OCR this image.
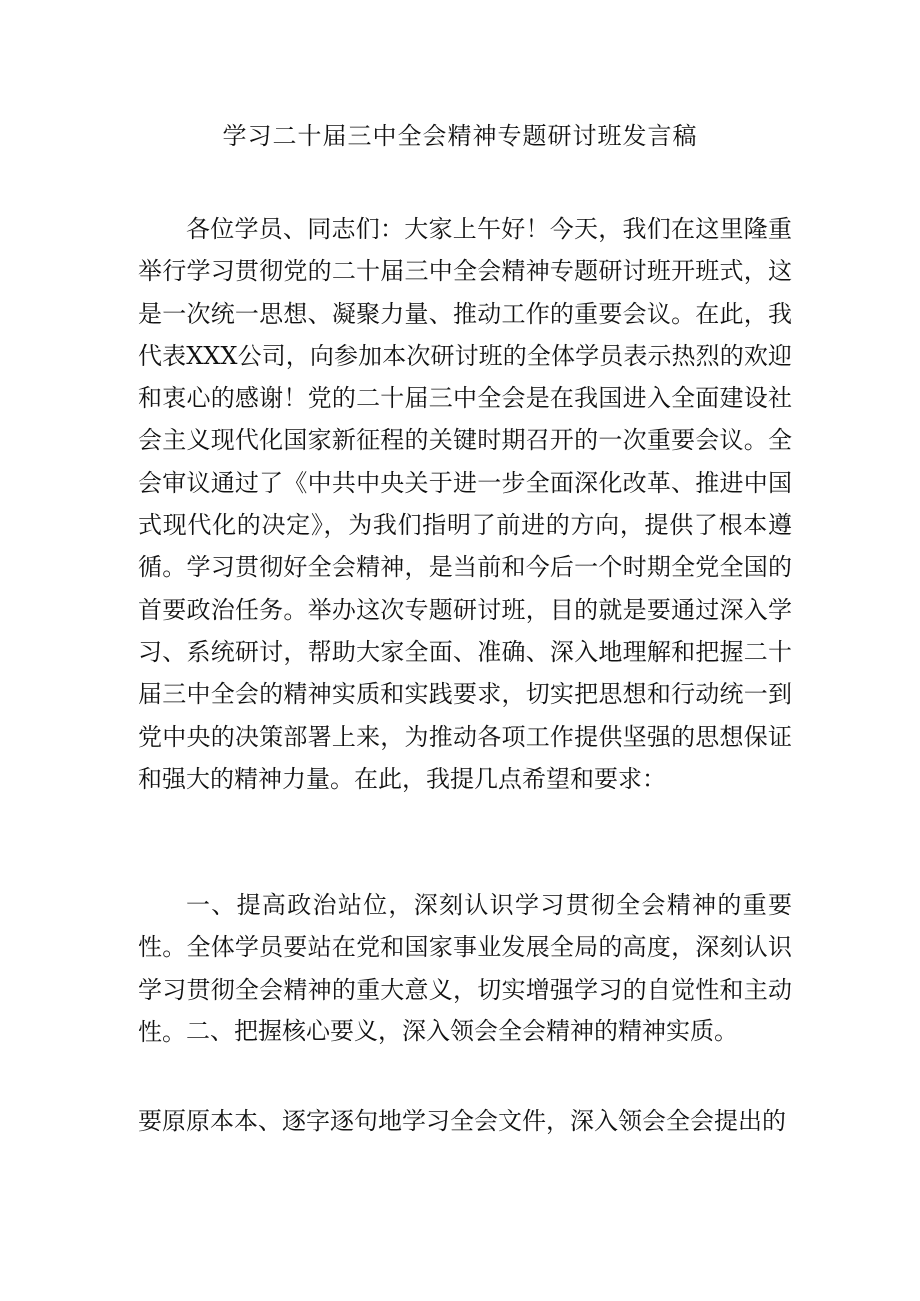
学习二十届三中全会精神专题研讨班发言稿

各位学员、同志们：大家上午好！今天，我们在这里隆重举行学习贯彻党的二十届三中全会精神专题研讨班开班式，这是一次统一思想、凝聚力量、推动工作的重要会议。在此，我代表XXX公司，向参加本次研讨班的全体学员表示热烈的欢迎和衷心的感谢！党的二十届三中全会是在我国进入全面建设社会主义现代化国家新征程的关键时期召开的一次重要会议。全会审议通过了《中共中央关于进一步全面深化改革、推进中国式现代化的决定》，为我们指明了前进的方向，提供了根本遵循。学习贯彻好全会精神，是当前和今后一个时期全党全国的首要政治任务。举办这次专题研讨班，目的就是要通过深入学习、系统研讨，帮助大家全面、准确、深入地理解和把握二十届三中全会的精神实质和实践要求，切实把思想和行动统一到党中央的决策部署上来，为推动各项工作提供坚强的思想保证和强大的精神力量。在此，我提几点希望和要求：

一、提高政治站位，深刻认识学习贯彻全会精神的重要性。全体学员要站在党和国家事业发展全局的高度，深刻认识学习贯彻全会精神的重大意义，切实增强学习的自觉性和主动性。 二、把握核心要义，深入领会全会精神的精神实质。

要原原本本、逐字逐句地学习全会文件，深入领会全会提出的
